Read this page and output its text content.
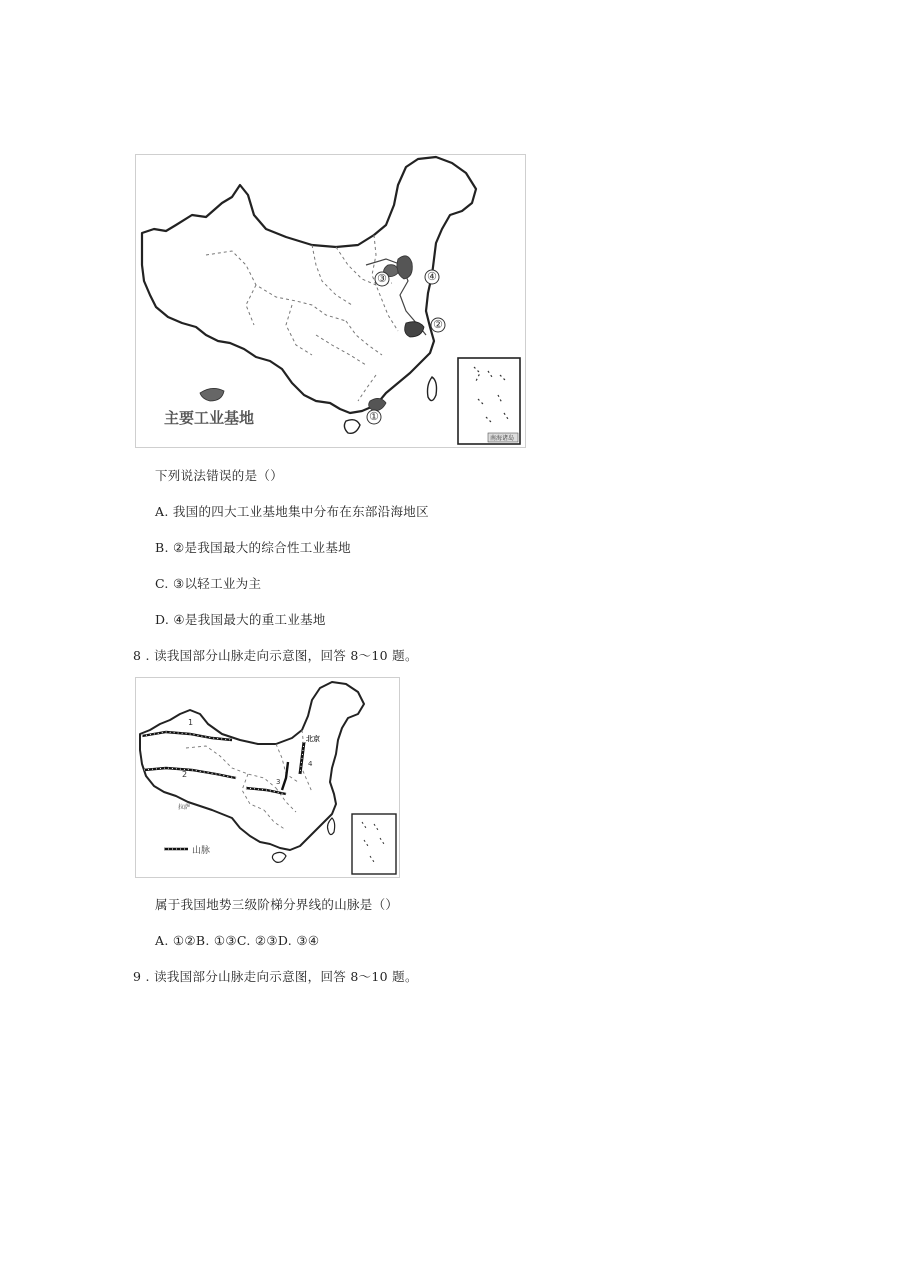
主要工业基地	①
②
③	④
南海诸岛
下列说法错误的是（）
A. 我国的四大工业基地集中分布在东部沿海地区
B. ②是我国最大的综合性工业基地
C. ③以轻工业为主
D. ④是我国最大的重工业基地
8 . 读我国部分山脉走向示意图，回答 8～10 题。
1
2
3
4
拉萨
北京
山脉
属于我国地势三级阶梯分界线的山脉是（）
A. ①②B. ①③C. ②③D. ③④
9 . 读我国部分山脉走向示意图，回答 8～10 题。
